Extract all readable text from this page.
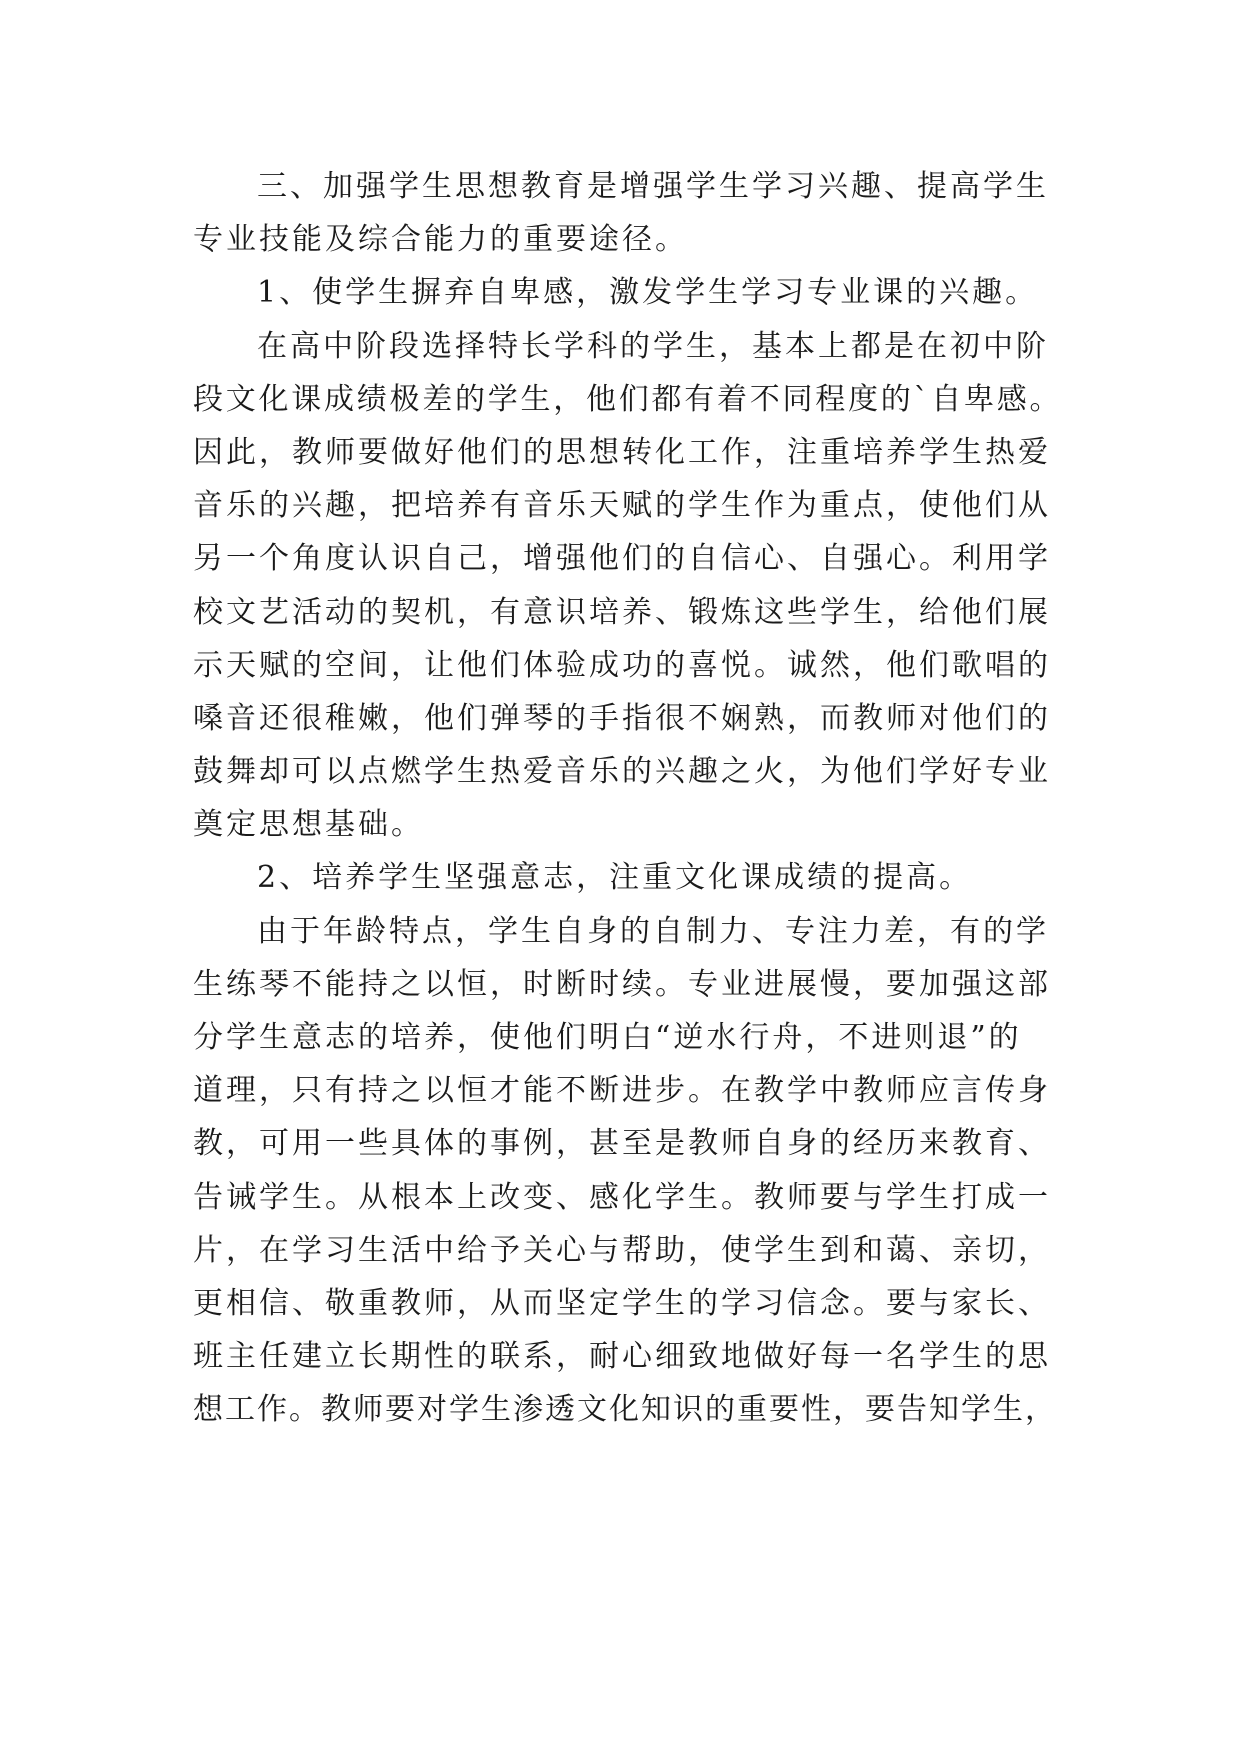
三、加强学生思想教育是增强学生学习兴趣、提高学生
专业技能及综合能力的重要途径。
1、使学生摒弃自卑感，激发学生学习专业课的兴趣。
在高中阶段选择特长学科的学生，基本上都是在初中阶
段文化课成绩极差的学生，他们都有着不同程度的`自卑感。
因此，教师要做好他们的思想转化工作，注重培养学生热爱
音乐的兴趣，把培养有音乐天赋的学生作为重点，使他们从
另一个角度认识自己，增强他们的自信心、自强心。利用学
校文艺活动的契机，有意识培养、锻炼这些学生，给他们展
示天赋的空间，让他们体验成功的喜悦。诚然，他们歌唱的
嗓音还很稚嫩，他们弹琴的手指很不娴熟，而教师对他们的
鼓舞却可以点燃学生热爱音乐的兴趣之火，为他们学好专业
奠定思想基础。
2、培养学生坚强意志，注重文化课成绩的提高。
由于年龄特点，学生自身的自制力、专注力差，有的学
生练琴不能持之以恒，时断时续。专业进展慢，要加强这部
分学生意志的培养，使他们明白“逆水行舟，不进则退”的
道理，只有持之以恒才能不断进步。在教学中教师应言传身
教，可用一些具体的事例，甚至是教师自身的经历来教育、
告诫学生。从根本上改变、感化学生。教师要与学生打成一
片，在学习生活中给予关心与帮助，使学生到和蔼、亲切，
更相信、敬重教师，从而坚定学生的学习信念。要与家长、
班主任建立长期性的联系，耐心细致地做好每一名学生的思
想工作。教师要对学生渗透文化知识的重要性，要告知学生，
